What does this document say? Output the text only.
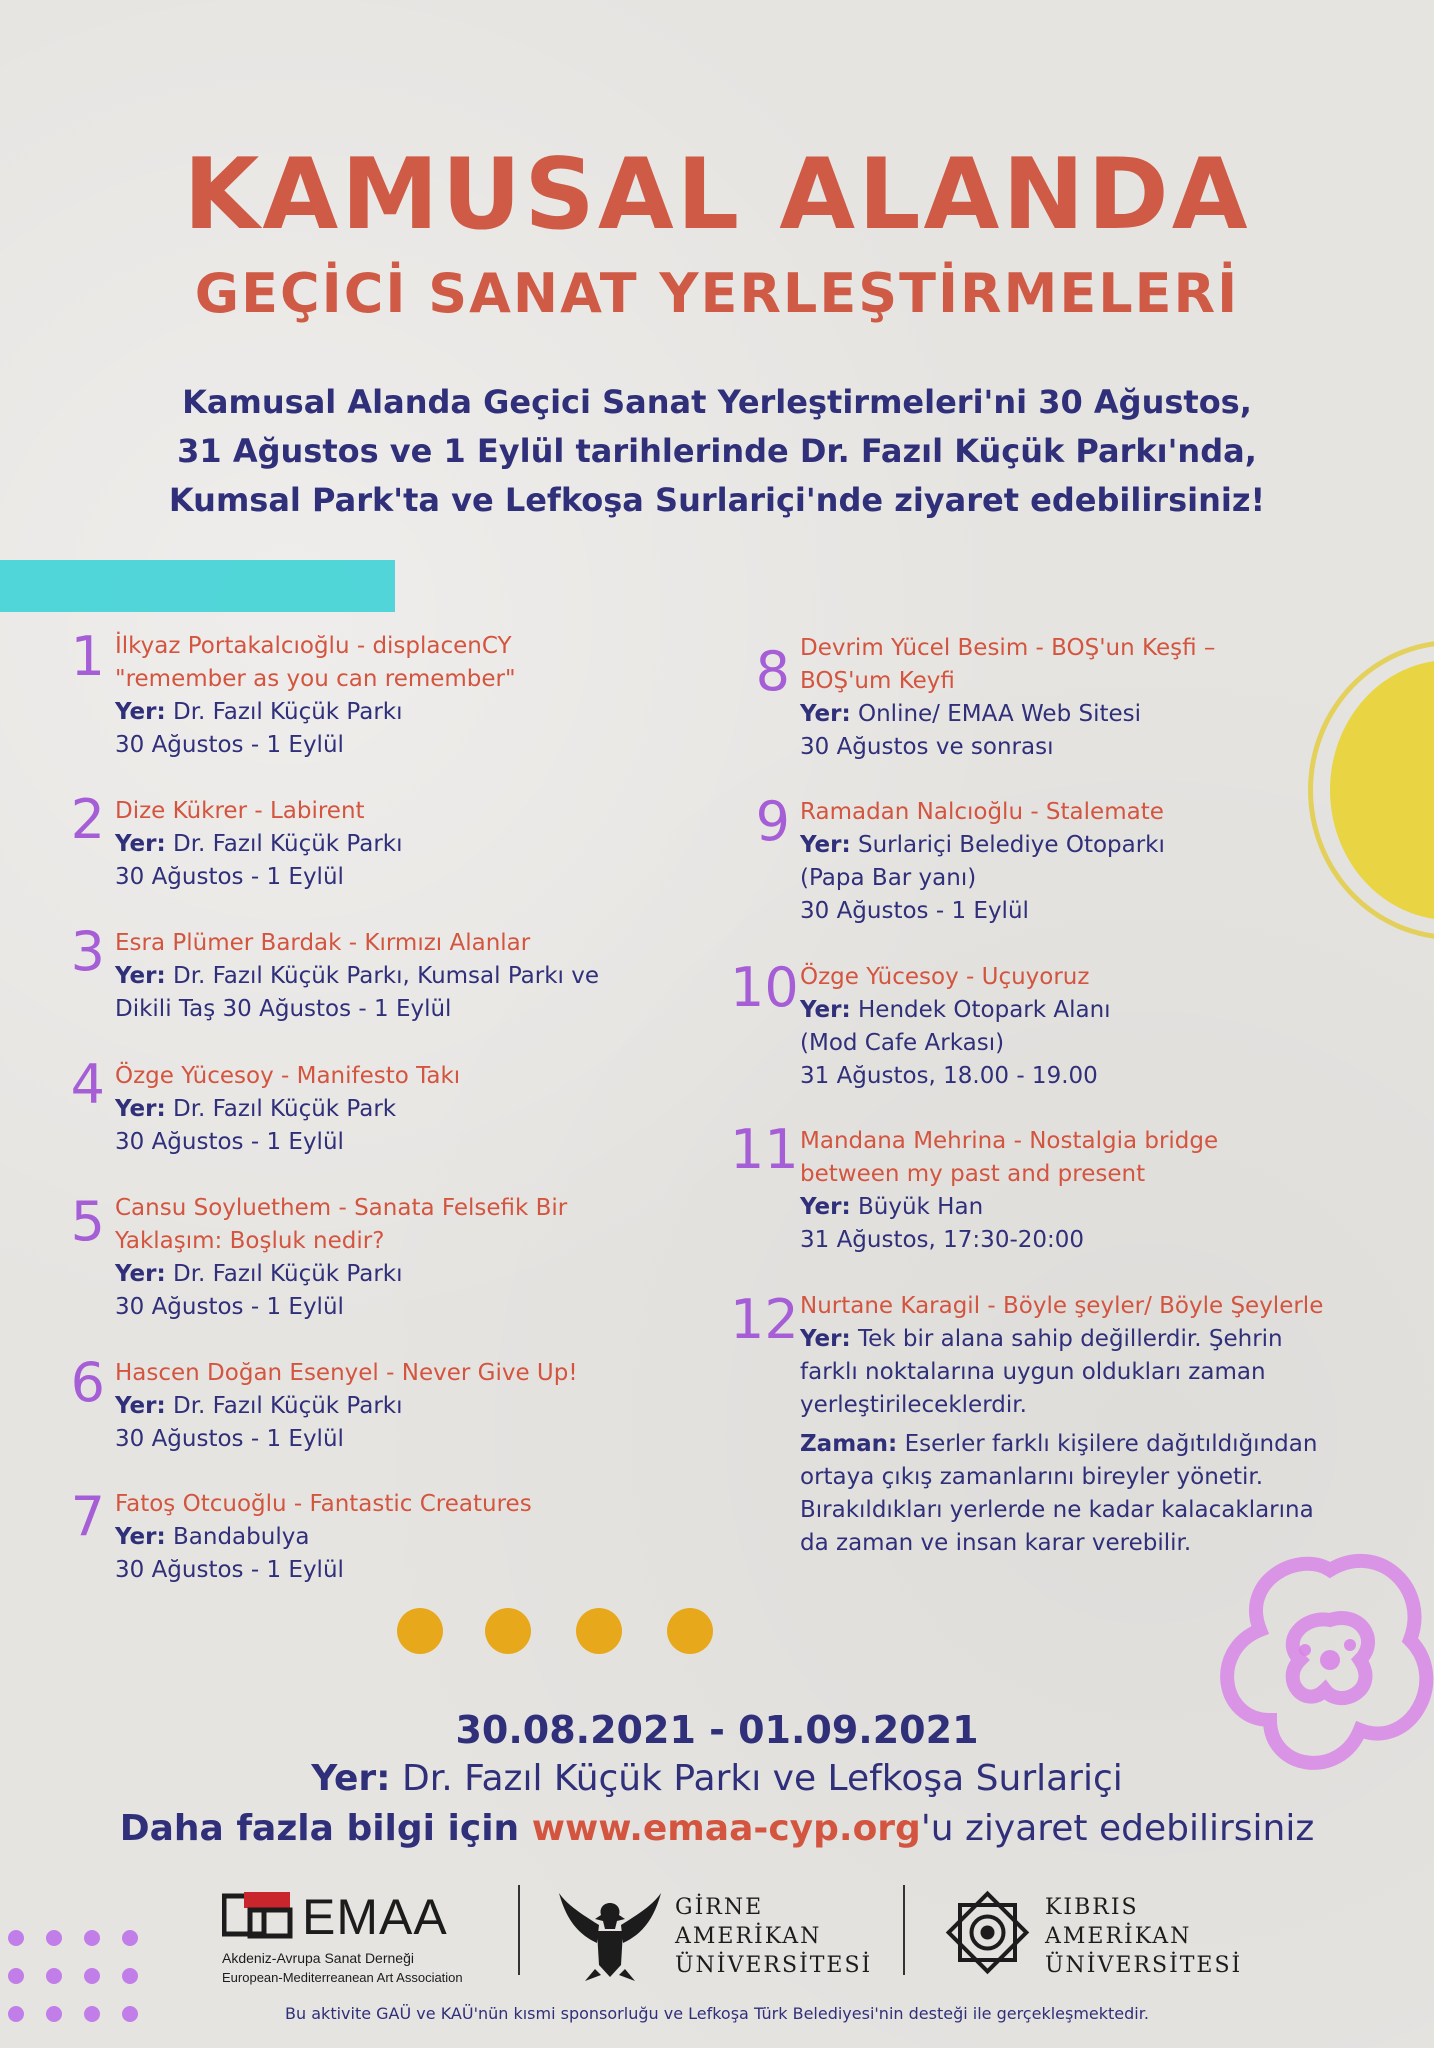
KAMUSAL ALANDA
GEÇİCİ SANAT YERLEŞTİRMELERİ
Kamusal Alanda Geçici Sanat Yerleştirmeleri'ni 30 Ağustos,
31 Ağustos ve 1 Eylül tarihlerinde Dr. Fazıl Küçük Parkı'nda,
Kumsal Park'ta ve Lefkoşa Surlariçi'nde ziyaret edebilirsiniz!
1 İlkyaz Portakalcıoğlu - displacenCY
"remember as you can remember"
Yer: Dr. Fazıl Küçük Parkı
30 Ağustos - 1 Eylül
2 Dize Kükrer - Labirent
Yer: Dr. Fazıl Küçük Parkı
30 Ağustos - 1 Eylül
3 Esra Plümer Bardak - Kırmızı Alanlar
Yer: Dr. Fazıl Küçük Parkı, Kumsal Parkı ve
Dikili Taş 30 Ağustos - 1 Eylül
4 Özge Yücesoy - Manifesto Takı
Yer: Dr. Fazıl Küçük Park
30 Ağustos - 1 Eylül
5 Cansu Soyluethem - Sanata Felsefik Bir
Yaklaşım: Boşluk nedir?
Yer: Dr. Fazıl Küçük Parkı
30 Ağustos - 1 Eylül
6 Hascen Doğan Esenyel - Never Give Up!
Yer: Dr. Fazıl Küçük Parkı
30 Ağustos - 1 Eylül
7 Fatoş Otcuoğlu - Fantastic Creatures
Yer: Bandabulya
30 Ağustos - 1 Eylül
8 Devrim Yücel Besim - BOŞ'un Keşfi –
BOŞ'um Keyfi
Yer: Online/ EMAA Web Sitesi
30 Ağustos ve sonrası
9 Ramadan Nalcıoğlu - Stalemate
Yer: Surlariçi Belediye Otoparkı
(Papa Bar yanı)
30 Ağustos - 1 Eylül
10 Özge Yücesoy - Uçuyoruz
Yer: Hendek Otopark Alanı
(Mod Cafe Arkası)
31 Ağustos, 18.00 - 19.00
11 Mandana Mehrina - Nostalgia bridge
between my past and present
Yer: Büyük Han
31 Ağustos, 17:30-20:00
12 Nurtane Karagil - Böyle şeyler/ Böyle Şeylerle
Yer: Tek bir alana sahip değillerdir. Şehrin
farklı noktalarına uygun oldukları zaman
yerleştirileceklerdir.
Zaman: Eserler farklı kişilere dağıtıldığından
ortaya çıkış zamanlarını bireyler yönetir.
Bırakıldıkları yerlerde ne kadar kalacaklarına
da zaman ve insan karar verebilir.
30.08.2021 - 01.09.2021
Yer: Dr. Fazıl Küçük Parkı ve Lefkoşa Surlariçi
Daha fazla bilgi için www.emaa-cyp.org'u ziyaret edebilirsiniz
EMAA
Akdeniz-Avrupa Sanat Derneği
European-Mediterreanean Art Association
GİRNE
AMERİKAN
ÜNİVERSİTESİ
KIBRIS
AMERİKAN
ÜNİVERSİTESİ
Bu aktivite GAÜ ve KAÜ'nün kısmi sponsorluğu ve Lefkoşa Türk Belediyesi'nin desteği ile gerçekleşmektedir.
